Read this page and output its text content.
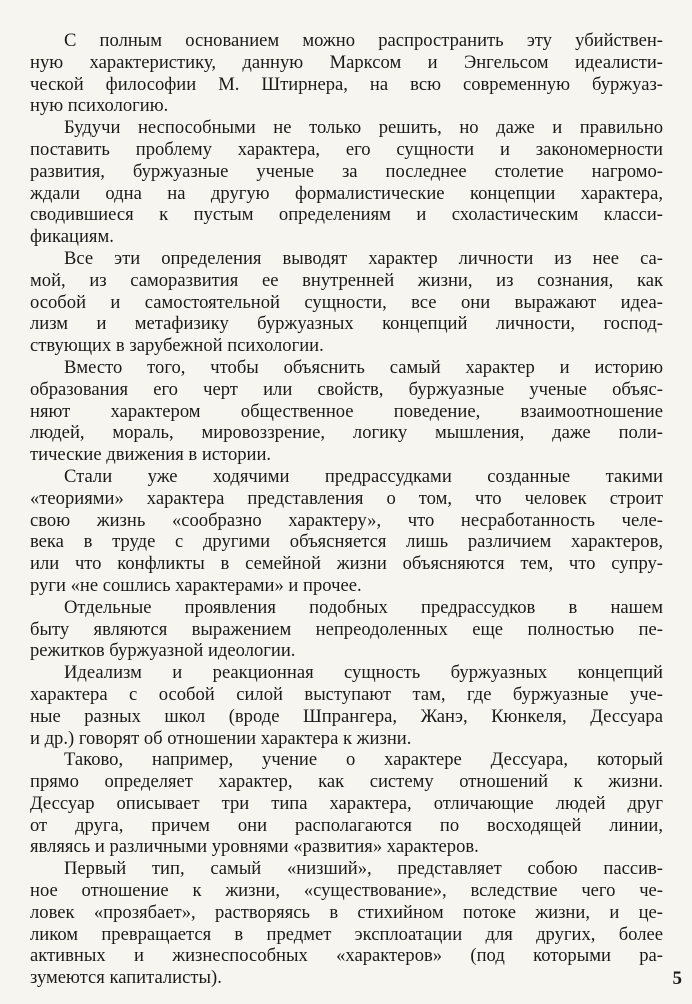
С полным основанием можно распространить эту убийствен-
ную характеристику, данную Марксом и Энгельсом идеалисти-
ческой философии М. Штирнера, на всю современную буржуаз-
ную психологию.
Будучи неспособными не только решить, но даже и правильно
поставить проблему характера, его сущности и закономерности
развития, буржуазные ученые за последнее столетие нагромо-
ждали одна на другую формалистические концепции характера,
сводившиеся к пустым определениям и схоластическим класси-
фикациям.
Все эти определения выводят характер личности из нее са-
мой, из саморазвития ее внутренней жизни, из сознания, как
особой и самостоятельной сущности, все они выражают идеа-
лизм и метафизику буржуазных концепций личности, господ-
ствующих в зарубежной психологии.
Вместо того, чтобы объяснить самый характер и историю
образования его черт или свойств, буржуазные ученые объяс-
няют характером общественное поведение, взаимоотношение
людей, мораль, мировоззрение, логику мышления, даже поли-
тические движения в истории.
Стали уже ходячими предрассудками созданные такими
«теориями» характера представления о том, что человек строит
свою жизнь «сообразно характеру», что несработанность челе-
века в труде с другими объясняется лишь различием характеров,
или что конфликты в семейной жизни объясняются тем, что супру-
руги «не сошлись характерами» и прочее.
Отдельные проявления подобных предрассудков в нашем
быту являются выражением непреодоленных еще полностью пе-
режитков буржуазной идеологии.
Идеализм и реакционная сущность буржуазных концепций
характера с особой силой выступают там, где буржуазные уче-
ные разных школ (вроде Шпрангера, Жанэ, Кюнкеля, Дессуара
и др.) говорят об отношении характера к жизни.
Таково, например, учение о характере Дессуара, который
прямо определяет характер, как систему отношений к жизни.
Дессуар описывает три типа характера, отличающие людей друг
от друга, причем они располагаются по восходящей линии,
являясь и различными уровнями «развития» характеров.
Первый тип, самый «низший», представляет собою пассив-
ное отношение к жизни, «существование», вследствие чего че-
ловек «прозябает», растворяясь в стихийном потоке жизни, и це-
ликом превращается в предмет эксплоатации для других, более
активных и жизнеспособных «характеров» (под которыми ра-
зумеются капиталисты).	5
